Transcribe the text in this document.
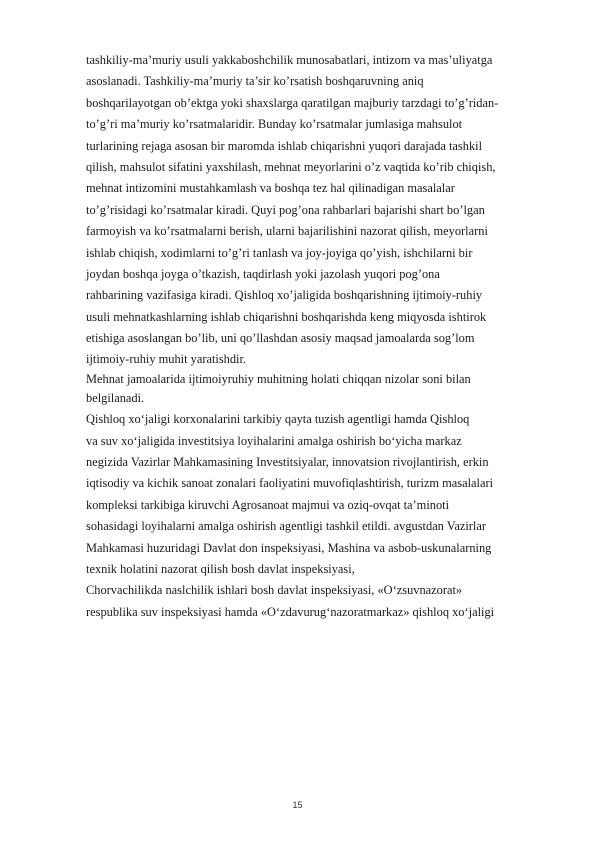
tashkiliy-ma’muriy usuli yakkaboshchilik munosabatlari, intizom va mas’uliyatga
asoslanadi. Tashkiliy-ma’muriy ta’sir ko’rsatish boshqaruvning aniq
boshqarilayotgan ob’ektga yoki shaxslarga qaratilgan majburiy tarzdagi to’g’ridan-
to’g’ri ma’muriy ko’rsatmalaridir. Bunday ko’rsatmalar jumlasiga mahsulot
turlarining rejaga asosan bir maromda ishlab chiqarishni yuqori darajada tashkil
qilish, mahsulot sifatini yaxshilash, mehnat meyorlarini o’z vaqtida ko’rib chiqish,
mehnat intizomini mustahkamlash va boshqa tez hal qilinadigan masalalar
to’g’risidagi ko’rsatmalar kiradi. Quyi pog’ona rahbarlari bajarishi shart bo’lgan
farmoyish va ko’rsatmalarni berish, ularni bajarilishini nazorat qilish, meyorlarni
ishlab chiqish, xodimlarni to’g’ri tanlash va joy-joyiga qo’yish, ishchilarni bir
joydan boshqa joyga o’tkazish, taqdirlash yoki jazolash yuqori pog’ona
rahbarining vazifasiga kiradi. Qishloq xo’jaligida boshqarishning ijtimoiy-ruhiy
usuli mehnatkashlarning ishlab chiqarishni boshqarishda keng miqyosda ishtirok
etishiga asoslangan bo’lib, uni qo’llashdan asosiy maqsad jamoalarda sog’lom
ijtimoiy-ruhiy muhit yaratishdir.
Mehnat jamoalarida ijtimoiyruhiy muhitning holati chiqqan nizolar soni bilan
belgilanadi.
Qishloq xo‘jaligi korxonalarini tarkibiy qayta tuzish agentligi hamda Qishloq
va suv xo‘jaligida investitsiya loyihalarini amalga oshirish bo‘yicha markaz
negizida Vazirlar Mahkamasining Investitsiyalar, innovatsion rivojlantirish, erkin
iqtisodiy va kichik sanoat zonalari faoliyatini muvofiqlashtirish, turizm masalalari
kompleksi tarkibiga kiruvchi Agrosanoat majmui va oziq-ovqat ta’minoti
sohasidagi loyihalarni amalga oshirish agentligi tashkil etildi. avgustdan Vazirlar
Mahkamasi huzuridagi Davlat don inspeksiyasi, Mashina va asbob-uskunalarning
texnik holatini nazorat qilish bosh davlat inspeksiyasi,
Chorvachilikda naslchilik ishlari bosh davlat inspeksiyasi, «O‘zsuvnazorat»
respublika suv inspeksiyasi hamda «O‘zdavurug‘nazoratmarkaz» qishloq xo‘jaligi
15
